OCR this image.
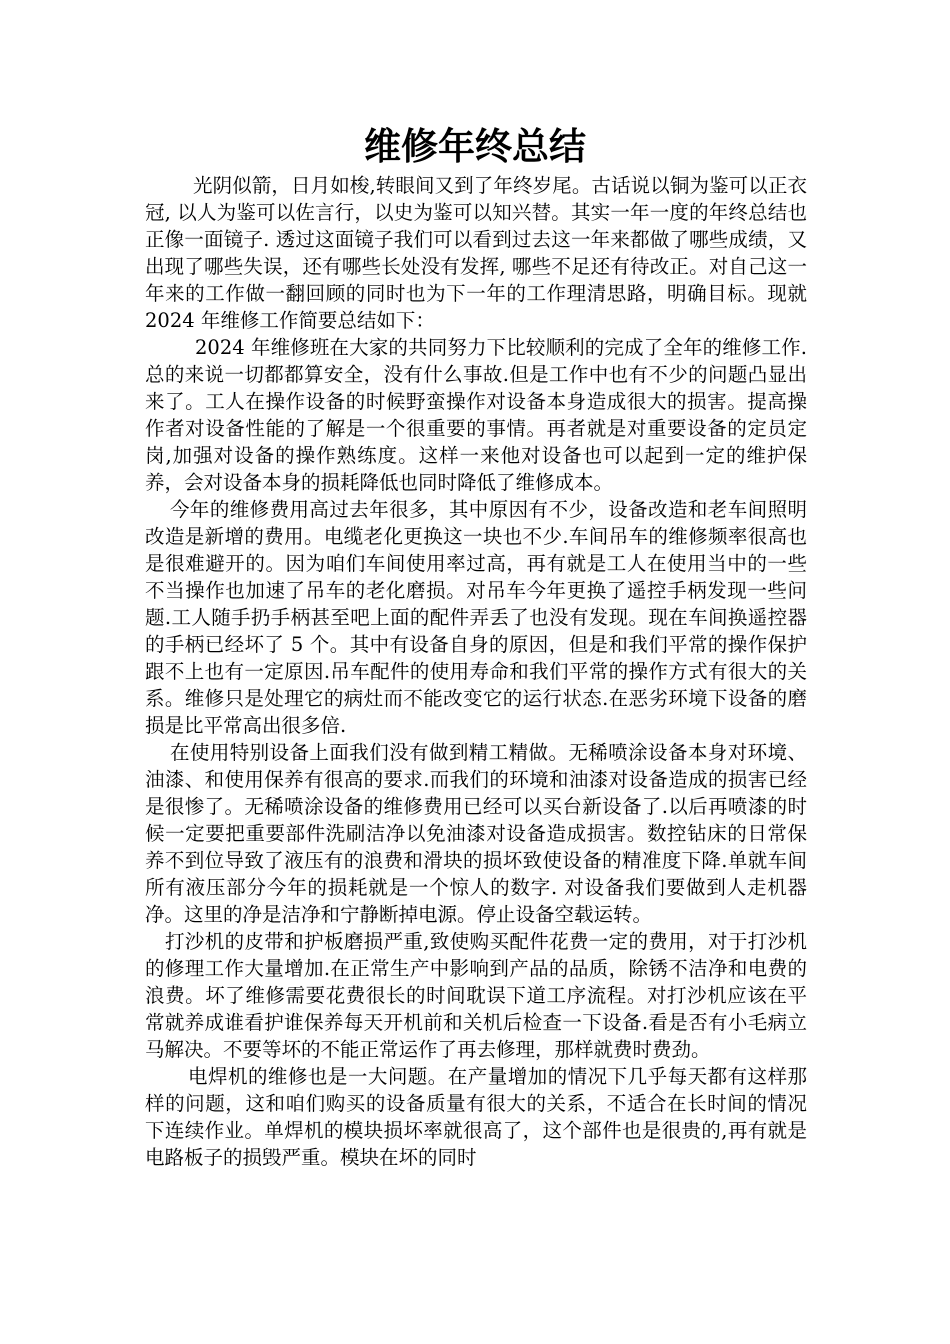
维修年终总结

光阴似箭，日月如梭,转眼间又到了年终岁尾。古话说以铜为鉴可以正衣冠, 以人为鉴可以佐言行，以史为鉴可以知兴替。其实一年一度的年终总结也正像一面镜子. 透过这面镜子我们可以看到过去这一年来都做了哪些成绩，又出现了哪些失误，还有哪些长处没有发挥, 哪些不足还有待改正。对自己这一年来的工作做一翻回顾的同时也为下一年的工作理清思路，明确目标。现就 2024 年维修工作简要总结如下：

2024 年维修班在大家的共同努力下比较顺利的完成了全年的维修工作.总的来说一切都都算安全，没有什么事故.但是工作中也有不少的问题凸显出来了。工人在操作设备的时候野蛮操作对设备本身造成很大的损害。提高操作者对设备性能的了解是一个很重要的事情。再者就是对重要设备的定员定岗,加强对设备的操作熟练度。这样一来他对设备也可以起到一定的维护保养，会对设备本身的损耗降低也同时降低了维修成本。

今年的维修费用高过去年很多，其中原因有不少，设备改造和老车间照明改造是新增的费用。电缆老化更换这一块也不少.车间吊车的维修频率很高也是很难避开的。因为咱们车间使用率过高，再有就是工人在使用当中的一些不当操作也加速了吊车的老化磨损。对吊车今年更换了遥控手柄发现一些问题.工人随手扔手柄甚至吧上面的配件弄丢了也没有发现。现在车间换遥控器的手柄已经坏了 5 个。其中有设备自身的原因，但是和我们平常的操作保护跟不上也有一定原因.吊车配件的使用寿命和我们平常的操作方式有很大的关系。维修只是处理它的病灶而不能改变它的运行状态.在恶劣环境下设备的磨损是比平常高出很多倍.

在使用特别设备上面我们没有做到精工精做。无稀喷涂设备本身对环境、 油漆、和使用保养有很高的要求.而我们的环境和油漆对设备造成的损害已经是很惨了。无稀喷涂设备的维修费用已经可以买台新设备了.以后再喷漆的时候一定要把重要部件洗刷洁净以免油漆对设备造成损害。数控钻床的日常保养不到位导致了液压有的浪费和滑块的损坏致使设备的精准度下降.单就车间所有液压部分今年的损耗就是一个惊人的数字. 对设备我们要做到人走机器净。这里的净是洁净和宁静断掉电源。停止设备空载运转。

打沙机的皮带和护板磨损严重,致使购买配件花费一定的费用，对于打沙机的修理工作大量增加.在正常生产中影响到产品的品质，除锈不洁净和电费的浪费。坏了维修需要花费很长的时间耽误下道工序流程。对打沙机应该在平常就养成谁看护谁保养每天开机前和关机后检查一下设备.看是否有小毛病立马解决。不要等坏的不能正常运作了再去修理，那样就费时费劲。

电焊机的维修也是一大问题。在产量增加的情况下几乎每天都有这样那样的问题，这和咱们购买的设备质量有很大的关系，不适合在长时间的情况下连续作业。单焊机的模块损坏率就很高了，这个部件也是很贵的,再有就是电路板子的损毁严重。模块在坏的同时
